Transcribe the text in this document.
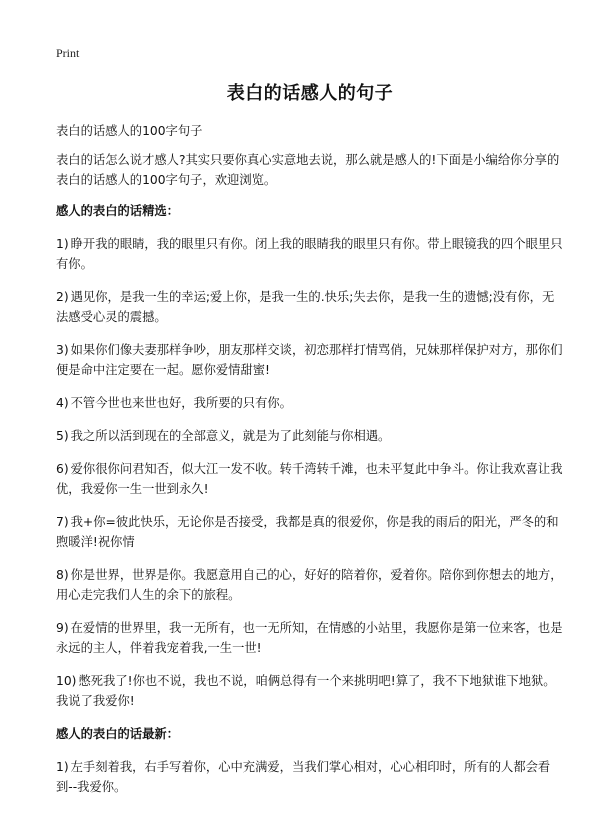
Print
表白的话感人的句子

表白的话感人的100字句子

表白的话怎么说才感人?其实只要你真心实意地去说，那么就是感人的!下面是小编给你分享的表白的话感人的100字句子，欢迎浏览。

感人的表白的话精选：

1) 睁开我的眼睛，我的眼里只有你。闭上我的眼睛我的眼里只有你。带上眼镜我的四个眼里只有你。

2) 遇见你，是我一生的幸运;爱上你，是我一生的.快乐;失去你，是我一生的遗憾;没有你，无法感受心灵的震撼。

3) 如果你们像夫妻那样争吵，朋友那样交谈，初恋那样打情骂俏，兄妹那样保护对方，那你们便是命中注定要在一起。愿你爱情甜蜜!

4) 不管今世也来世也好，我所要的只有你。

5) 我之所以活到现在的全部意义，就是为了此刻能与你相遇。

6) 爱你很你问君知否，似大江一发不收。转千湾转千滩，也未平复此中争斗。你让我欢喜让我优，我爱你一生一世到永久!

7) 我+你=彼此快乐，无论你是否接受，我都是真的很爱你，你是我的雨后的阳光，严冬的和煦暖洋!祝你情

8) 你是世界，世界是你。我愿意用自己的心，好好的陪着你，爱着你。陪你到你想去的地方，用心走完我们人生的余下的旅程。

9) 在爱情的世界里，我一无所有，也一无所知，在情感的小站里，我愿你是第一位来客，也是永远的主人，伴着我宠着我,一生一世!

10) 憋死我了!你也不说，我也不说，咱俩总得有一个来挑明吧!算了，我不下地狱谁下地狱。我说了我爱你!

感人的表白的话最新：

1) 左手刻着我，右手写着你，心中充满爱，当我们掌心相对，心心相印时，所有的人都会看到--我爱你。
